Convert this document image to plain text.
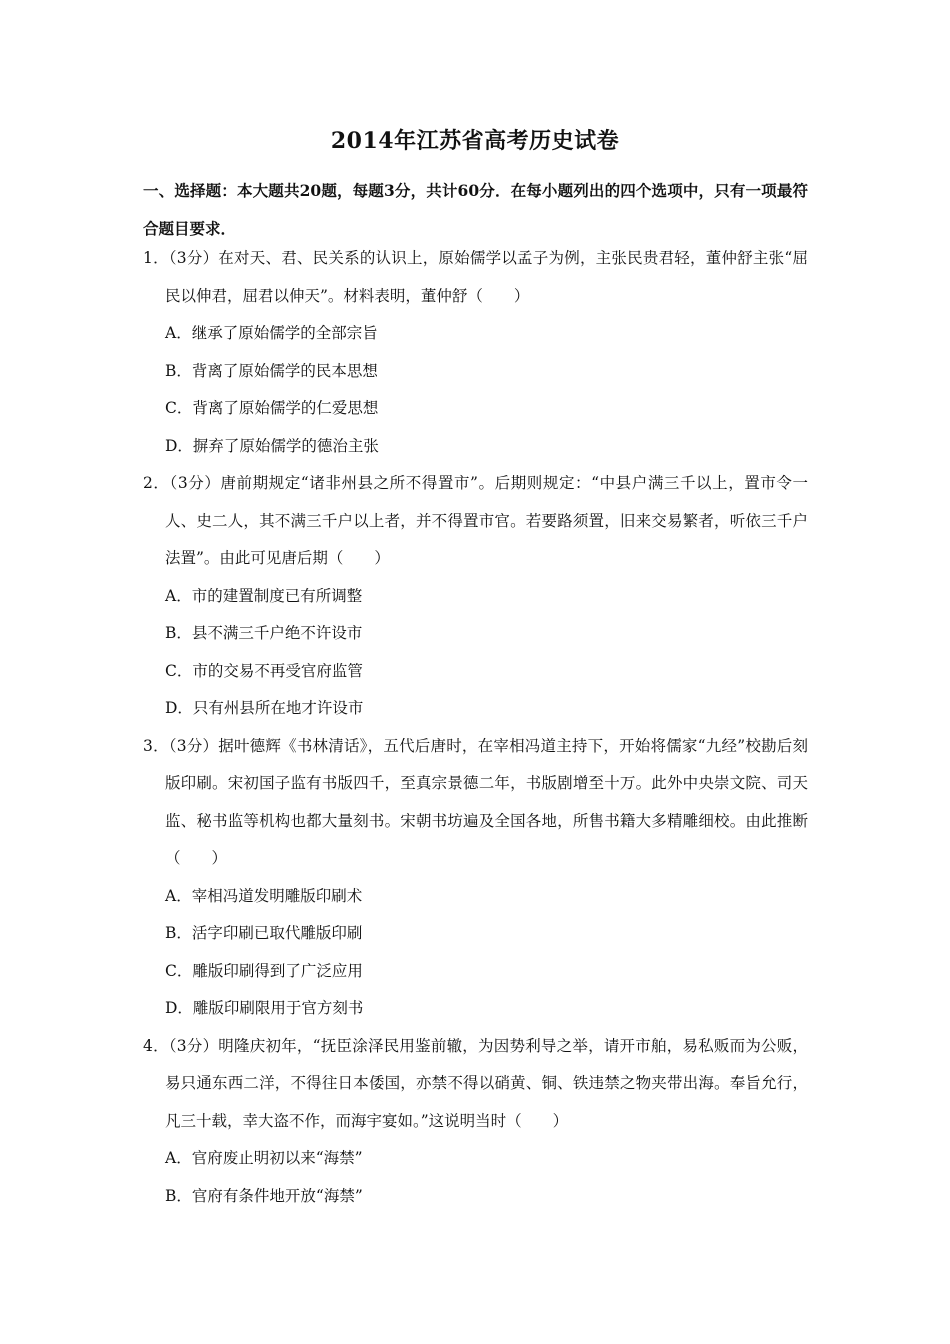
2014年江苏省高考历史试卷
一、选择题：本大题共20题，每题3分，共计60分．在每小题列出的四个选项中，只有一项最符合题目要求．
1．（3分）在对天、君、民关系的认识上，原始儒学以孟子为例，主张民贵君轻，董仲舒主张“屈民以伸君，屈君以伸天”。材料表明，董仲舒（　　）
A．继承了原始儒学的全部宗旨
B．背离了原始儒学的民本思想
C．背离了原始儒学的仁爱思想
D．摒弃了原始儒学的德治主张
2．（3分）唐前期规定“诸非州县之所不得置市”。后期则规定：“中县户满三千以上，置市令一人、史二人，其不满三千户以上者，并不得置市官。若要路须置，旧来交易繁者，听依三千户法置”。由此可见唐后期（　　）
A．市的建置制度已有所调整
B．县不满三千户绝不许设市
C．市的交易不再受官府监管
D．只有州县所在地才许设市
3．（3分）据叶德辉《书林清话》，五代后唐时，在宰相冯道主持下，开始将儒家“九经”校勘后刻版印刷。宋初国子监有书版四千，至真宗景德二年，书版剧增至十万。此外中央崇文院、司天监、秘书监等机构也都大量刻书。宋朝书坊遍及全国各地，所售书籍大多精雕细校。由此推断（　　）
A．宰相冯道发明雕版印刷术
B．活字印刷已取代雕版印刷
C．雕版印刷得到了广泛应用
D．雕版印刷限用于官方刻书
4．（3分）明隆庆初年，“抚臣涂泽民用鉴前辙，为因势利导之举，请开市舶，易私贩而为公贩，易只通东西二洋，不得往日本倭国，亦禁不得以硝黄、铜、铁违禁之物夹带出海。奉旨允行，凡三十载，幸大盗不作，而海宇宴如。”这说明当时（　　）
A．官府废止明初以来“海禁”
B．官府有条件地开放“海禁”
